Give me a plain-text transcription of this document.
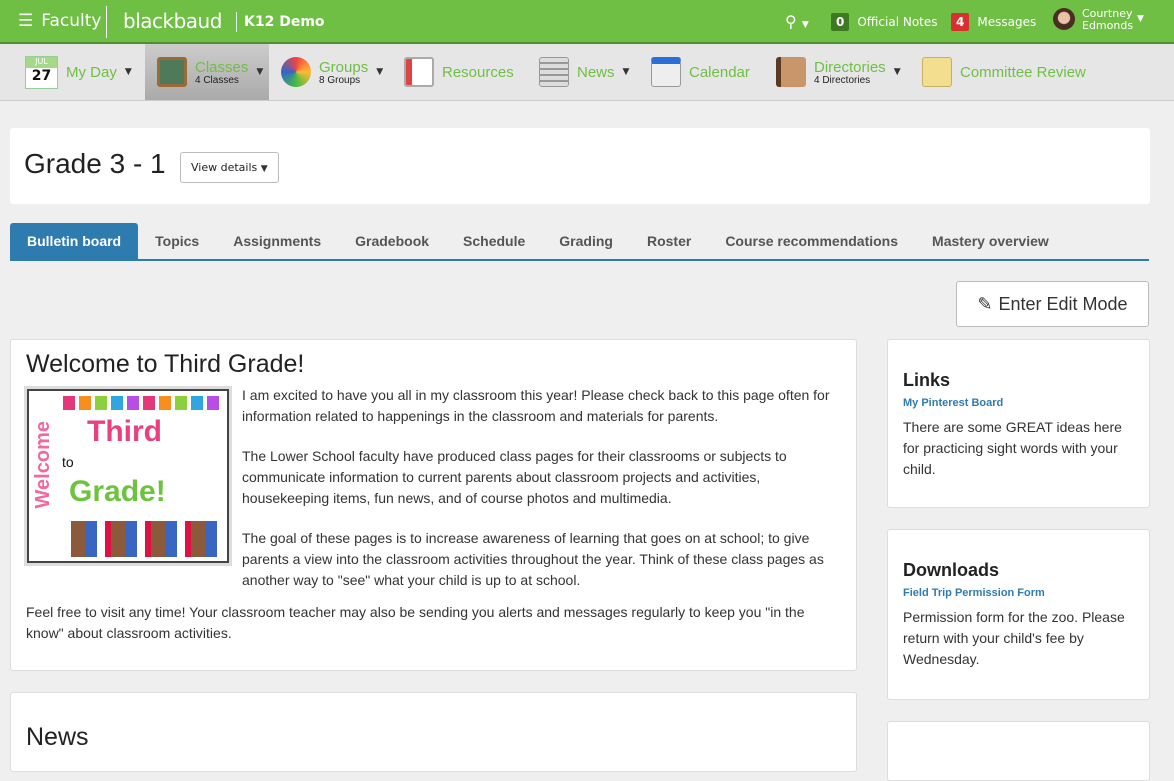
☰ Faculty blackbaud K12 Demo	⚲ ▼	0	Official Notes	4	Messages
Courtney
Edmonds ▼
JUL
27 My Day ▼	Classes
4 Classes
▼	Groups
8 Groups
▼	Resources	News ▼	Calendar	Directories
4 Directories
▼	Committee Review
Grade 3 - 1	View details ▼
Bulletin board	Topics	Assignments	Gradebook	Schedule	Grading	Roster	Course recommendations	Mastery overview
✎ Enter Edit Mode
Welcome to Third Grade!
Welcome to
Third
Grade!

I am excited to have you all in my classroom this year! Please check back to this page often for information related to happenings in the classroom and materials for parents.

The Lower School faculty have produced class pages for their classrooms or subjects to communicate information to current parents about classroom projects and activities, housekeeping items, fun news, and of course photos and multimedia.

The goal of these pages is to increase awareness of learning that goes on at school; to give parents a view into the classroom activities throughout the year. Think of these class pages as another way to "see" what your child is up to at school.

Feel free to visit any time! Your classroom teacher may also be sending you alerts and messages regularly to keep you "in the know" about classroom activities.

News
Links
My Pinterest Board

There are some GREAT ideas here for practicing sight words with your child.

Downloads
Field Trip Permission Form

Permission form for the zoo. Please return with your child's fee by Wednesday.
